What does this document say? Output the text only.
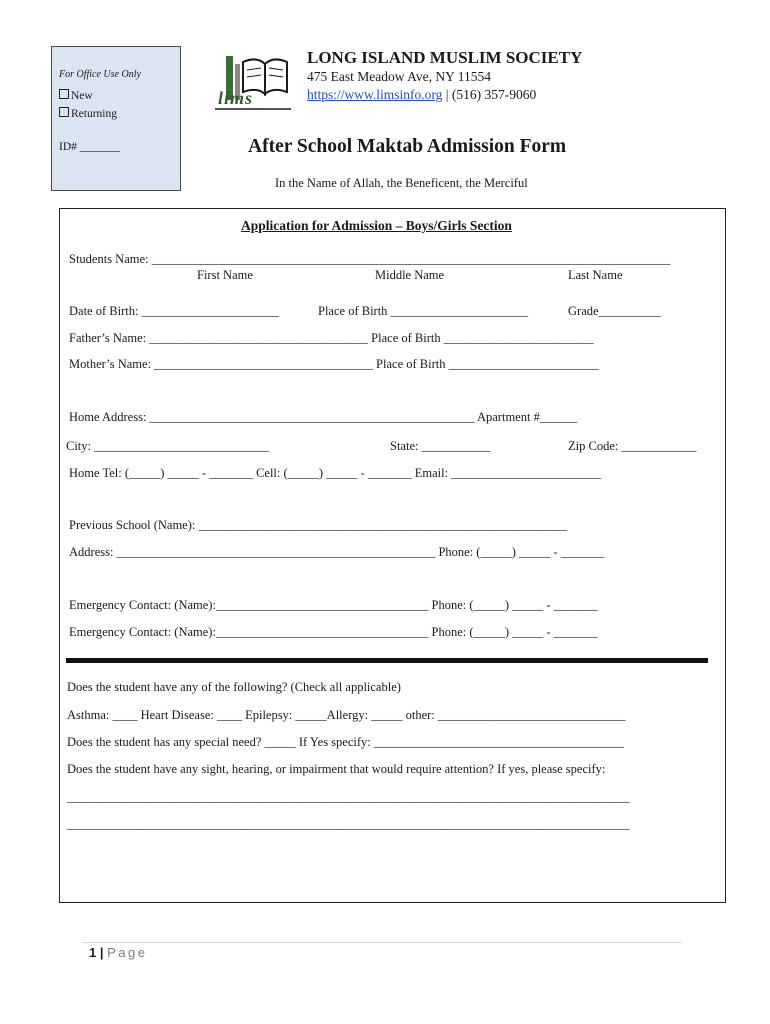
For Office Use Only
New
Returning
ID# _______
lims
LONG ISLAND MUSLIM SOCIETY
475 East Meadow Ave, NY 11554
https://www.limsinfo.org | (516) 357-9060
After School Maktab Admission Form
In the Name of Allah, the Beneficent, the Merciful
Application for Admission – Boys/Girls Section
Students Name: ___________________________________________________________________________________
First Name	Middle Name	Last Name
Date of Birth: ______________________	Place of Birth ______________________	Grade__________
Father’s Name: ___________________________________ Place of Birth ________________________
Mother’s Name: ___________________________________ Place of Birth ________________________
Home Address: ____________________________________________________ Apartment #______
City: ____________________________	State: ___________	Zip Code: ____________
Home Tel: (_____) _____ - _______ Cell: (_____) _____ - _______ Email: ________________________
Previous School (Name): ___________________________________________________________
Address: ___________________________________________________ Phone: (_____) _____ - _______
Emergency Contact: (Name):__________________________________ Phone: (_____) _____ - _______
Emergency Contact: (Name):__________________________________ Phone: (_____) _____ - _______
Does the student have any of the following? (Check all applicable)
Asthma: ____ Heart Disease: ____ Epilepsy: _____Allergy: _____ other: ______________________________
Does the student has any special need? _____ If Yes specify: ________________________________________
Does the student have any sight, hearing, or impairment that would require attention? If yes, please specify:
__________________________________________________________________________________________
__________________________________________________________________________________________
1 | Page
